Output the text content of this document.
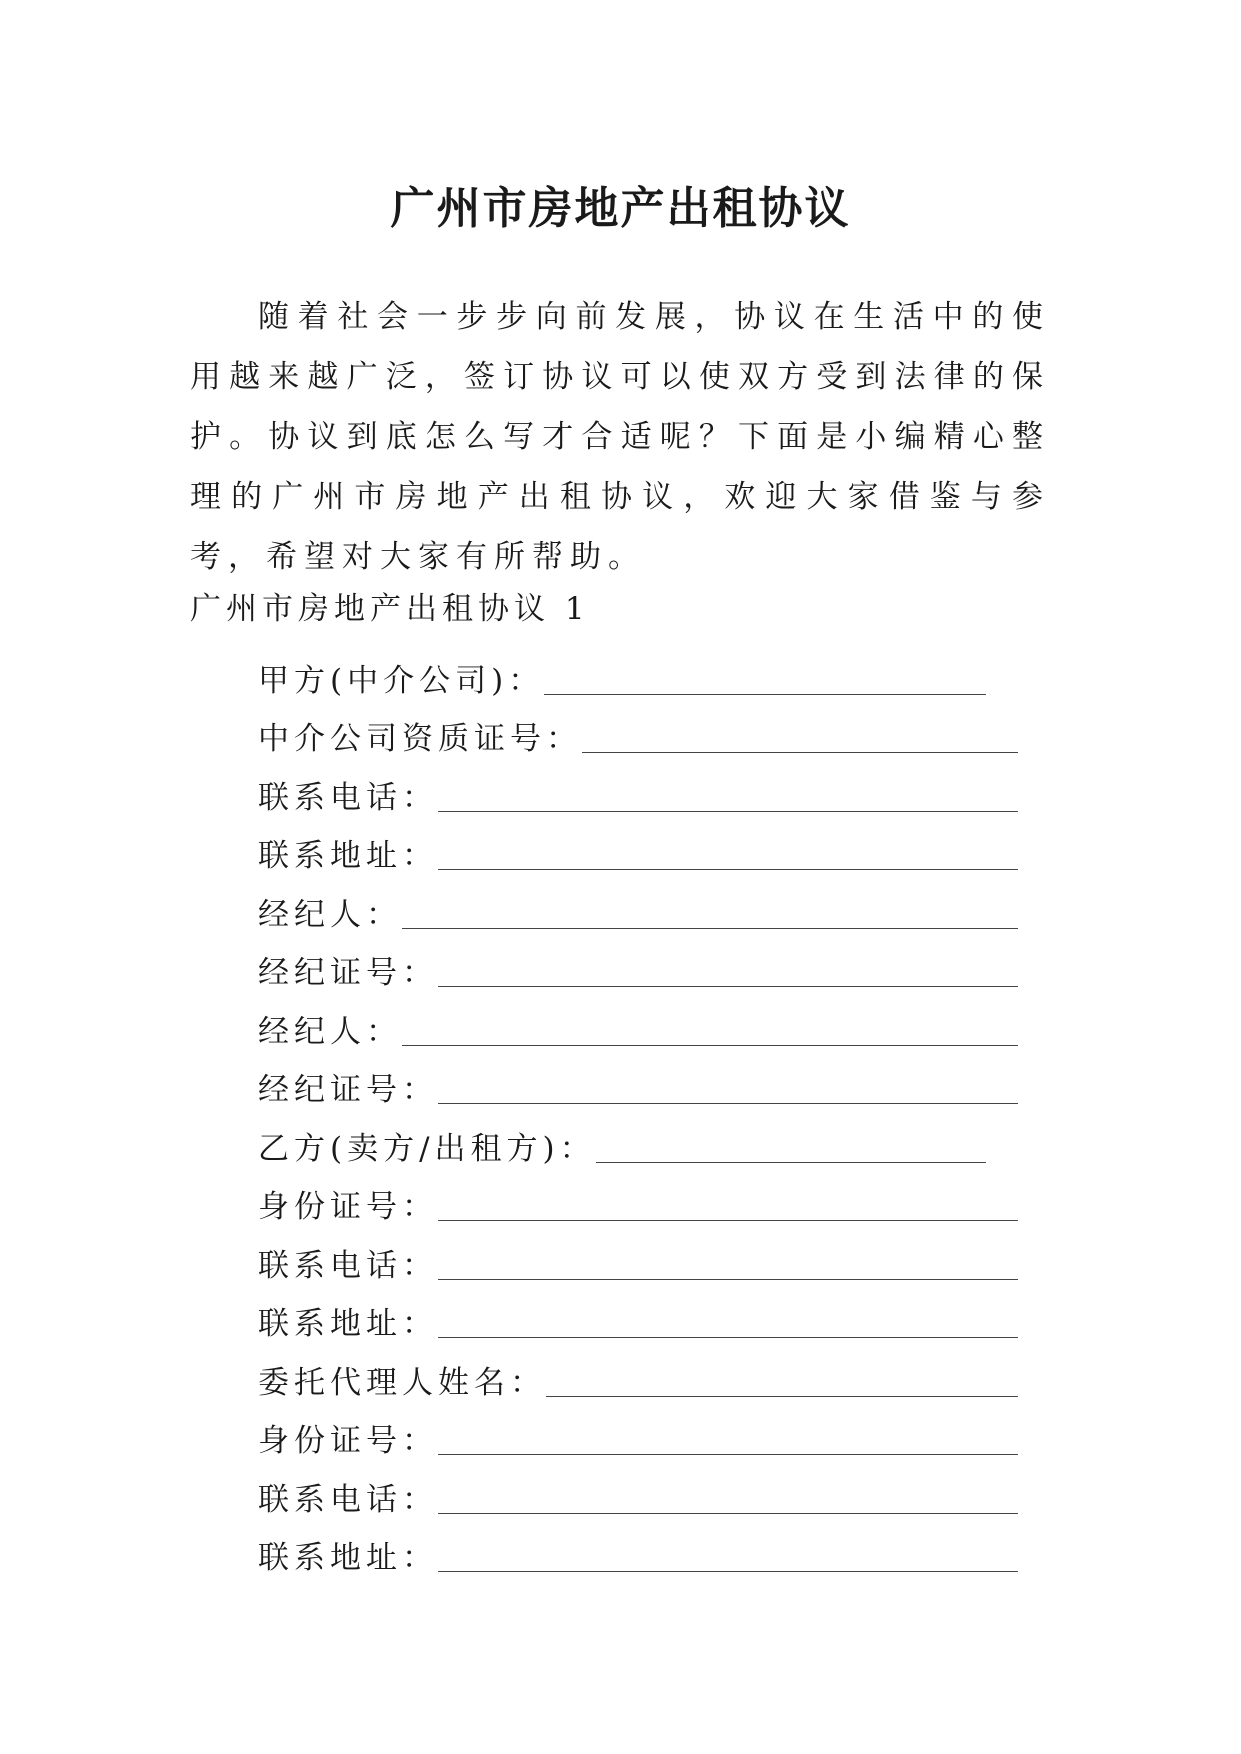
广州市房地产出租协议

随着社会一步步向前发展，协议在生活中的使用越来越广泛，签订协议可以使双方受到法律的保护。协议到底怎么写才合适呢？下面是小编精心整理的广州市房地产出租协议，欢迎大家借鉴与参考，希望对大家有所帮助。

广州市房地产出租协议 1

甲方(中介公司)：
中介公司资质证号：
联系电话：
联系地址：
经纪人：
经纪证号：
经纪人：
经纪证号：
乙方(卖方/出租方)：
身份证号：
联系电话：
联系地址：
委托代理人姓名：
身份证号：
联系电话：
联系地址：
